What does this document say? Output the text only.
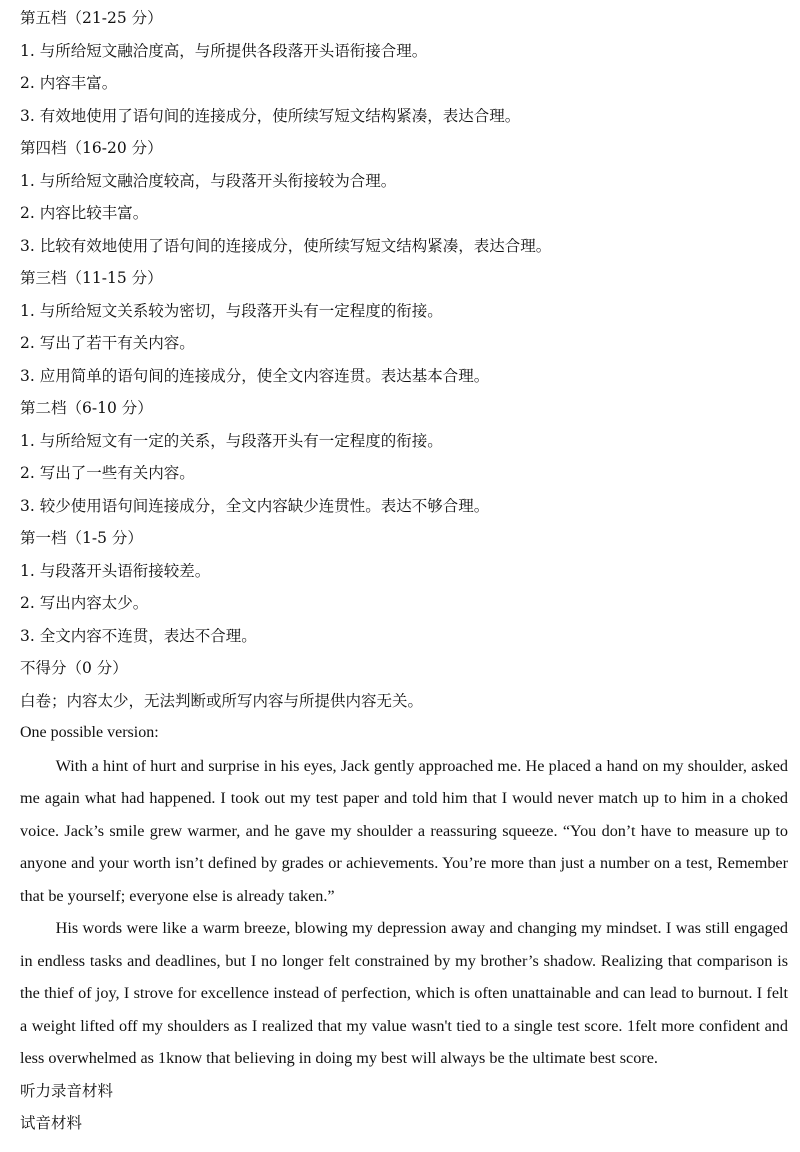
第五档（21-25 分）

1. 与所给短文融洽度高，与所提供各段落开头语衔接合理。

2. 内容丰富。

3. 有效地使用了语句间的连接成分，使所续写短文结构紧凑，表达合理。

第四档（16-20 分）

1. 与所给短文融洽度较高，与段落开头衔接较为合理。

2. 内容比较丰富。

3. 比较有效地使用了语句间的连接成分，使所续写短文结构紧凑，表达合理。

第三档（11-15 分）

1. 与所给短文关系较为密切，与段落开头有一定程度的衔接。

2. 写出了若干有关内容。

3. 应用简单的语句间的连接成分，使全文内容连贯。表达基本合理。

第二档（6-10 分）

1. 与所给短文有一定的关系，与段落开头有一定程度的衔接。

2. 写出了一些有关内容。

3. 较少使用语句间连接成分，全文内容缺少连贯性。表达不够合理。

第一档（1-5 分）

1. 与段落开头语衔接较差。

2. 写出内容太少。

3. 全文内容不连贯，表达不合理。

不得分（0 分）

白卷；内容太少，无法判断或所写内容与所提供内容无关。

One possible version:

With a hint of hurt and surprise in his eyes, Jack gently approached me. He placed a hand on my shoulder, asked me again what had happened. I took out my test paper and told him that I would never match up to him in a choked voice. Jack’s smile grew warmer, and he gave my shoulder a reassuring squeeze. “You don’t have to measure up to anyone and your worth isn’t defined by grades or achievements. You’re more than just a number on a test, Remember that be yourself; everyone else is already taken.”

His words were like a warm breeze, blowing my depression away and changing my mindset. I was still engaged in endless tasks and deadlines, but I no longer felt constrained by my brother’s shadow. Realizing that comparison is the thief of joy, I strove for excellence instead of perfection, which is often unattainable and can lead to burnout. I felt a weight lifted off my shoulders as I realized that my value wasn't tied to a single test score. 1felt more confident and less overwhelmed as 1know that believing in doing my best will always be the ultimate best score.

听力录音材料

试音材料
